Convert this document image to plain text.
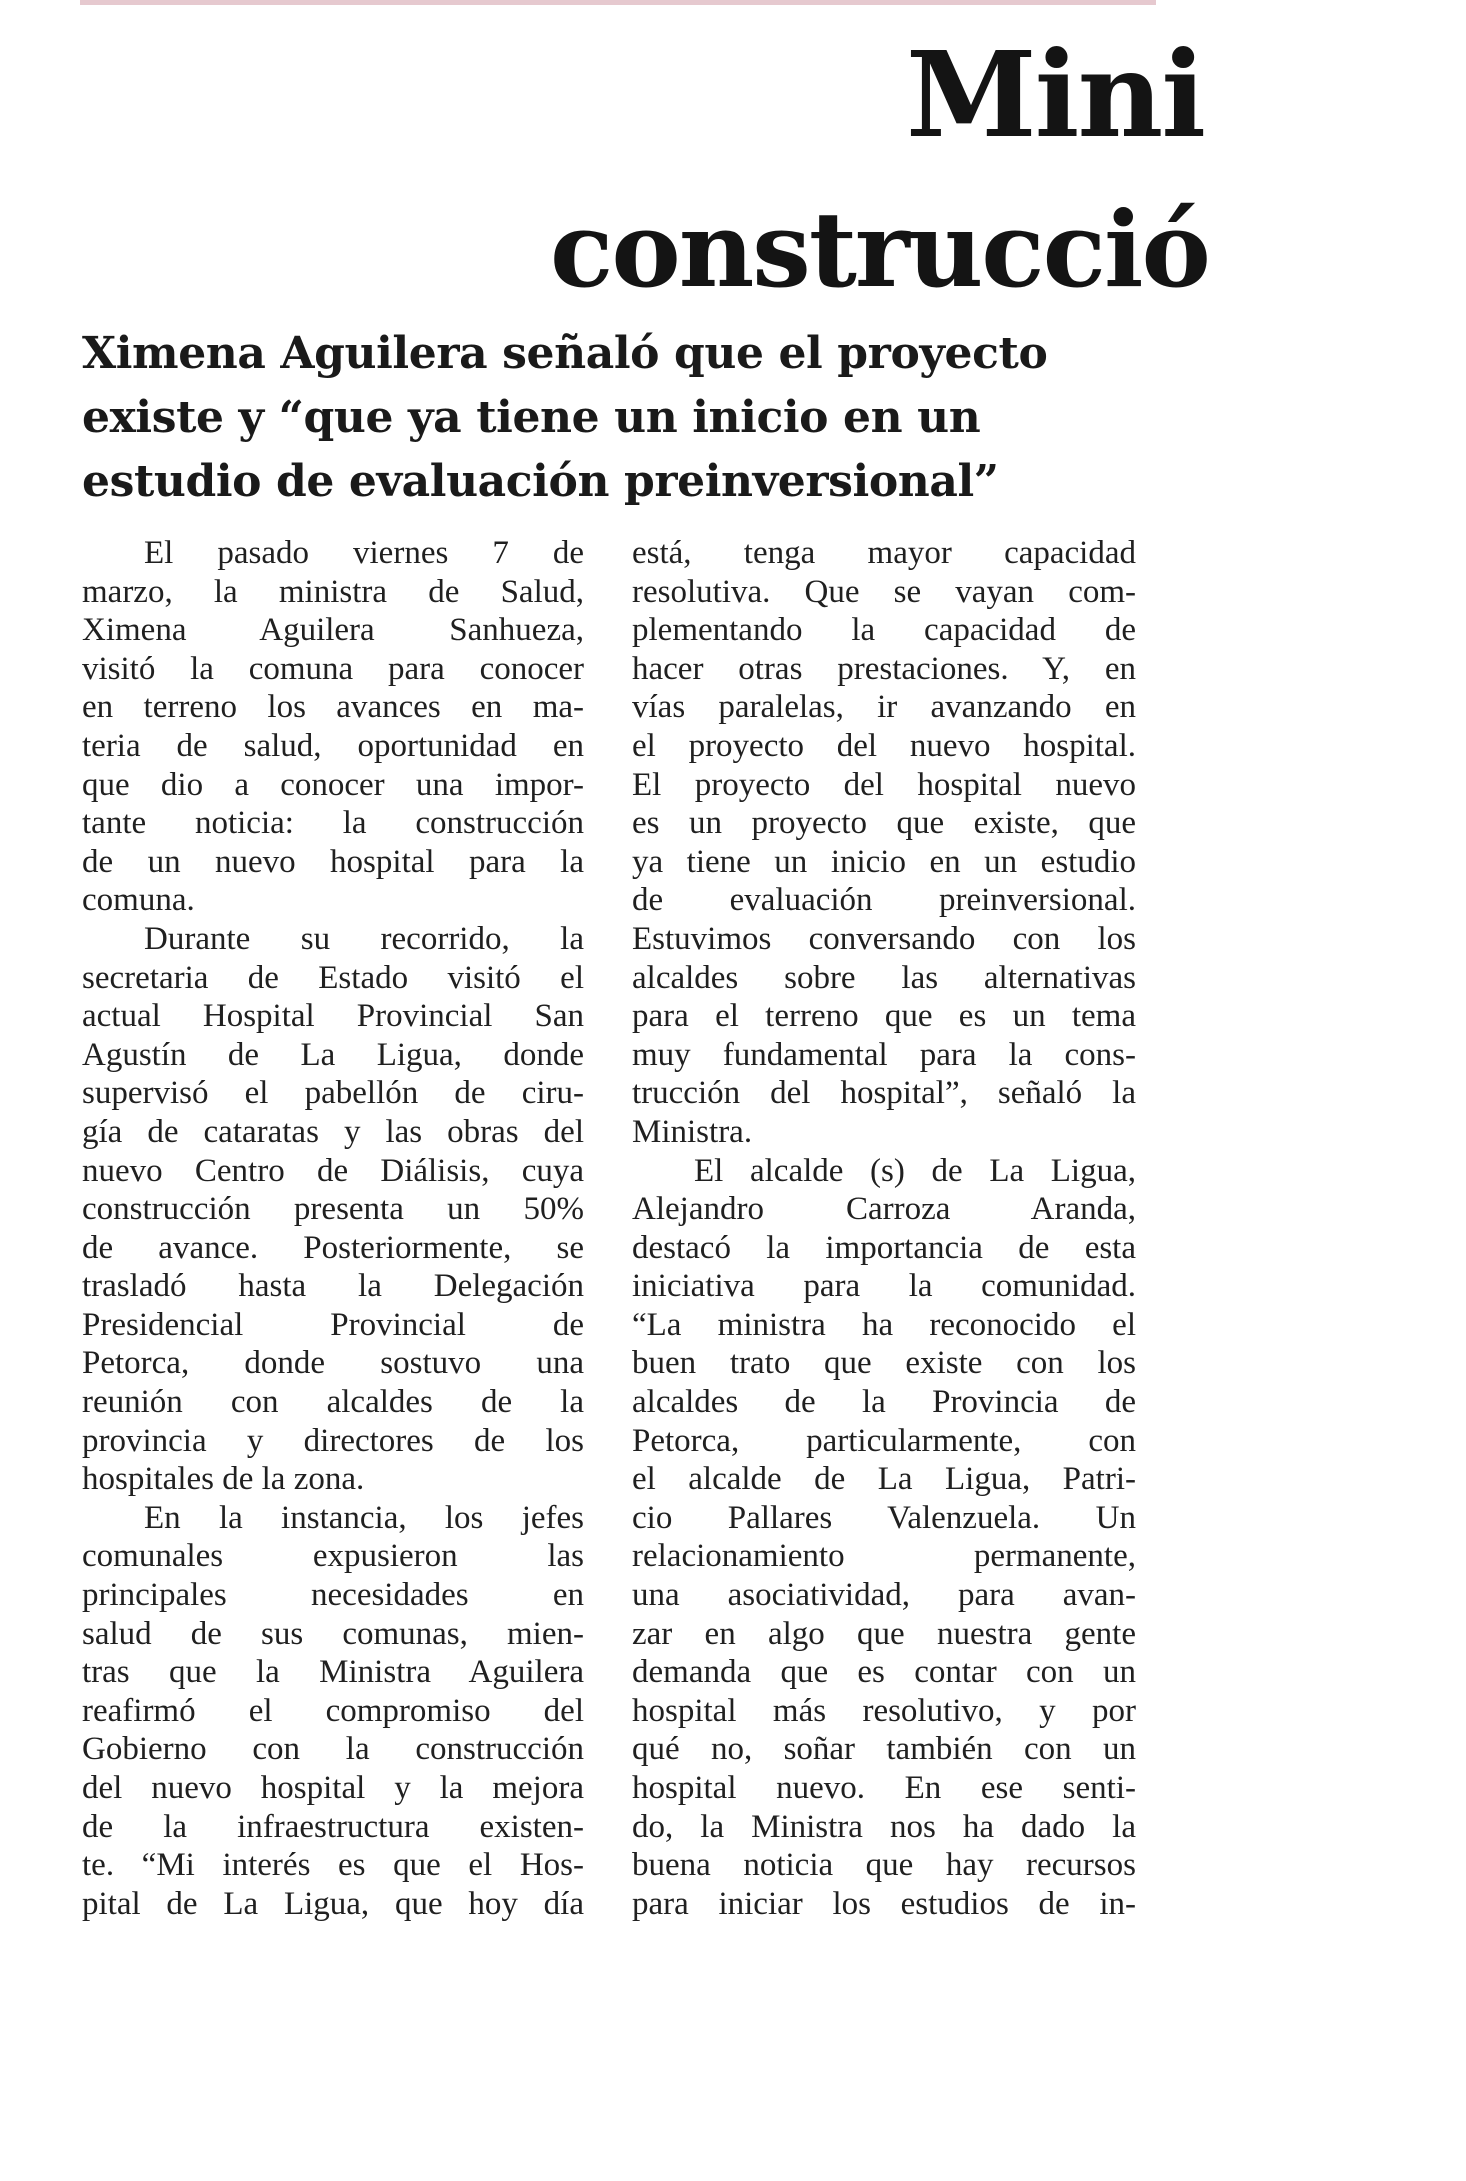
Mini
construcció
Ximena Aguilera señaló que el proyecto
existe y “que ya tiene un inicio en un
estudio de evaluación preinversional”
El pasado viernes 7 de
marzo, la ministra de Salud,
Ximena Aguilera Sanhueza,
visitó la comuna para conocer
en terreno los avances en ma-
teria de salud, oportunidad en
que dio a conocer una impor-
tante noticia: la construcción
de un nuevo hospital para la
comuna.
Durante su recorrido, la
secretaria de Estado visitó el
actual Hospital Provincial San
Agustín de La Ligua, donde
supervisó el pabellón de ciru-
gía de cataratas y las obras del
nuevo Centro de Diálisis, cuya
construcción presenta un 50%
de avance. Posteriormente, se
trasladó hasta la Delegación
Presidencial Provincial de
Petorca, donde sostuvo una
reunión con alcaldes de la
provincia y directores de los
hospitales de la zona.
En la instancia, los jefes
comunales expusieron las
principales necesidades en
salud de sus comunas, mien-
tras que la Ministra Aguilera
reafirmó el compromiso del
Gobierno con la construcción
del nuevo hospital y la mejora
de la infraestructura existen-
te. “Mi interés es que el Hos-
pital de La Ligua, que hoy día
está, tenga mayor capacidad
resolutiva. Que se vayan com-
plementando la capacidad de
hacer otras prestaciones. Y, en
vías paralelas, ir avanzando en
el proyecto del nuevo hospital.
El proyecto del hospital nuevo
es un proyecto que existe, que
ya tiene un inicio en un estudio
de evaluación preinversional.
Estuvimos conversando con los
alcaldes sobre las alternativas
para el terreno que es un tema
muy fundamental para la cons-
trucción del hospital”, señaló la
Ministra.
El alcalde (s) de La Ligua,
Alejandro Carroza Aranda,
destacó la importancia de esta
iniciativa para la comunidad.
“La ministra ha reconocido el
buen trato que existe con los
alcaldes de la Provincia de
Petorca, particularmente, con
el alcalde de La Ligua, Patri-
cio Pallares Valenzuela. Un
relacionamiento permanente,
una asociatividad, para avan-
zar en algo que nuestra gente
demanda que es contar con un
hospital más resolutivo, y por
qué no, soñar también con un
hospital nuevo. En ese senti-
do, la Ministra nos ha dado la
buena noticia que hay recursos
para iniciar los estudios de in-
